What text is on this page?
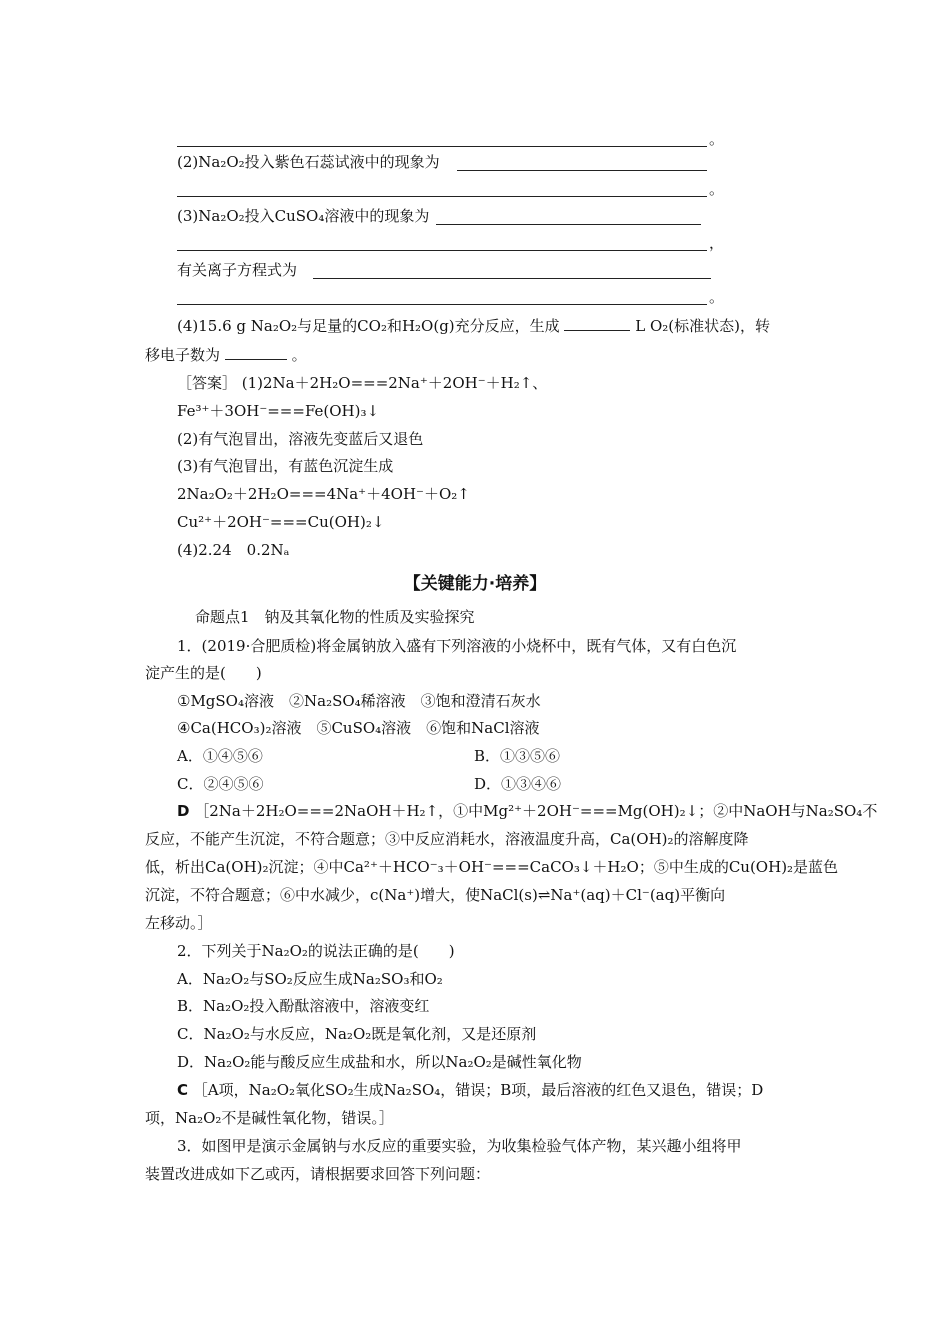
。
(2)Na₂O₂投入紫色石蕊试液中的现象为
。
(3)Na₂O₂投入CuSO₄溶液中的现象为
，
有关离子方程式为
。
(4)15.6 g Na₂O₂与足量的CO₂和H₂O(g)充分反应，生成	L O₂(标准状态)，转
移电子数为	。
［答案］ (1)2Na＋2H₂O===2Na⁺＋2OH⁻＋H₂↑、
Fe³⁺＋3OH⁻===Fe(OH)₃↓
(2)有气泡冒出，溶液先变蓝后又退色
(3)有气泡冒出，有蓝色沉淀生成
2Na₂O₂＋2H₂O===4Na⁺＋4OH⁻＋O₂↑
Cu²⁺＋2OH⁻===Cu(OH)₂↓
(4)2.24　0.2Nₐ
【关键能力·培养】
命题点1　钠及其氧化物的性质及实验探究
1．(2019·合肥质检)将金属钠放入盛有下列溶液的小烧杯中，既有气体，又有白色沉
淀产生的是(　　)
①MgSO₄溶液　②Na₂SO₄稀溶液　③饱和澄清石灰水
④Ca(HCO₃)₂溶液　⑤CuSO₄溶液　⑥饱和NaCl溶液
A．①④⑤⑥	B．①③⑤⑥
C．②④⑤⑥	D．①③④⑥
D ［2Na＋2H₂O===2NaOH＋H₂↑，①中Mg²⁺＋2OH⁻===Mg(OH)₂↓；②中NaOH与Na₂SO₄不
反应，不能产生沉淀，不符合题意；③中反应消耗水，溶液温度升高，Ca(OH)₂的溶解度降
低，析出Ca(OH)₂沉淀；④中Ca²⁺＋HCO⁻₃＋OH⁻===CaCO₃↓＋H₂O；⑤中生成的Cu(OH)₂是蓝色
沉淀，不符合题意；⑥中水减少，c(Na⁺)增大，使NaCl(s)⇌Na⁺(aq)＋Cl⁻(aq)平衡向
左移动。］
2．下列关于Na₂O₂的说法正确的是(　　)
A．Na₂O₂与SO₂反应生成Na₂SO₃和O₂
B．Na₂O₂投入酚酞溶液中，溶液变红
C．Na₂O₂与水反应，Na₂O₂既是氧化剂，又是还原剂
D．Na₂O₂能与酸反应生成盐和水，所以Na₂O₂是碱性氧化物
C ［A项，Na₂O₂氧化SO₂生成Na₂SO₄，错误；B项，最后溶液的红色又退色，错误；D
项，Na₂O₂不是碱性氧化物，错误。］
3．如图甲是演示金属钠与水反应的重要实验，为收集检验气体产物，某兴趣小组将甲
装置改进成如下乙或丙，请根据要求回答下列问题：
